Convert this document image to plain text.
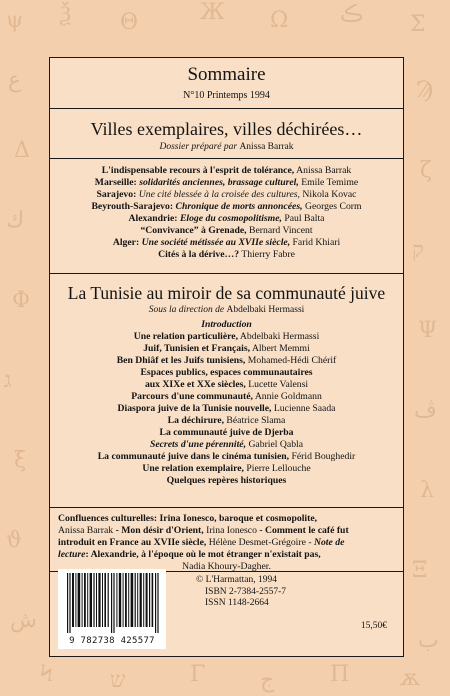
ψ Ѯ Θ	Ж Ω ڪ Σ
ع
Δ
ﻙ
Φ
ג
ξ
ϑ
ش
Ϡ
ζ
ק
Ψ
ڤ
λ
Ξ
ب
Ϟ	ש	Γ ﺝ	Π ѫ
Sommaire
N°10 Printemps 1994
Villes exemplaires, villes déchirées…
Dossier préparé par Anissa Barrak
L'indispensable recours à l'esprit de tolérance, Anissa Barrak
Marseille: solidarités anciennes, brassage culturel, Emile Temime
Sarajevo: Une cité blessée à la croisée des cultures, Nikola Kovac
Beyrouth-Sarajevo: Chronique de morts annoncées, Georges Corm
Alexandrie: Eloge du cosmopolitisme, Paul Balta
“Convivance” à Grenade, Bernard Vincent
Alger: Une société métissée au XVIIe siècle, Farid Khiari
Cités à la dérive…? Thierry Fabre
La Tunisie au miroir de sa communauté juive
Sous la direction de Abdelbaki Hermassi
Introduction
Une relation particulière, Abdelbaki Hermassi
Juif, Tunisien et Français, Albert Memmi
Ben Dhiâf et les Juifs tunisiens, Mohamed-Hédi Chérif
Espaces publics, espaces communautaires
aux XIXe et XXe siècles, Lucette Valensi
Parcours d'une communauté, Annie Goldmann
Diaspora juive de la Tunisie nouvelle, Lucienne Saada
La déchirure, Béatrice Slama
La communauté juive de Djerba
Secrets d'une pérennité, Gabriel Qabla
La communauté juive dans le cinéma tunisien, Férid Boughedir
Une relation exemplaire, Pierre Lellouche
Quelques repères historiques
Confluences culturelles: Irina Ionesco, baroque et cosmopolite,
Anissa Barrak - Mon désir d'Orient, Irina Ionesco - Comment le café fut
introduit en France au XVIIe siècle, Hélène Desmet-Grégoire - Note de
lecture: Alexandrie, à l'époque où le mot étranger n'existait pas,
Nadia Khoury-Dagher.
9 782738 425577
© L'Harmattan, 1994
ISBN 2-7384-2557-7
ISSN 1148-2664
15,50€
